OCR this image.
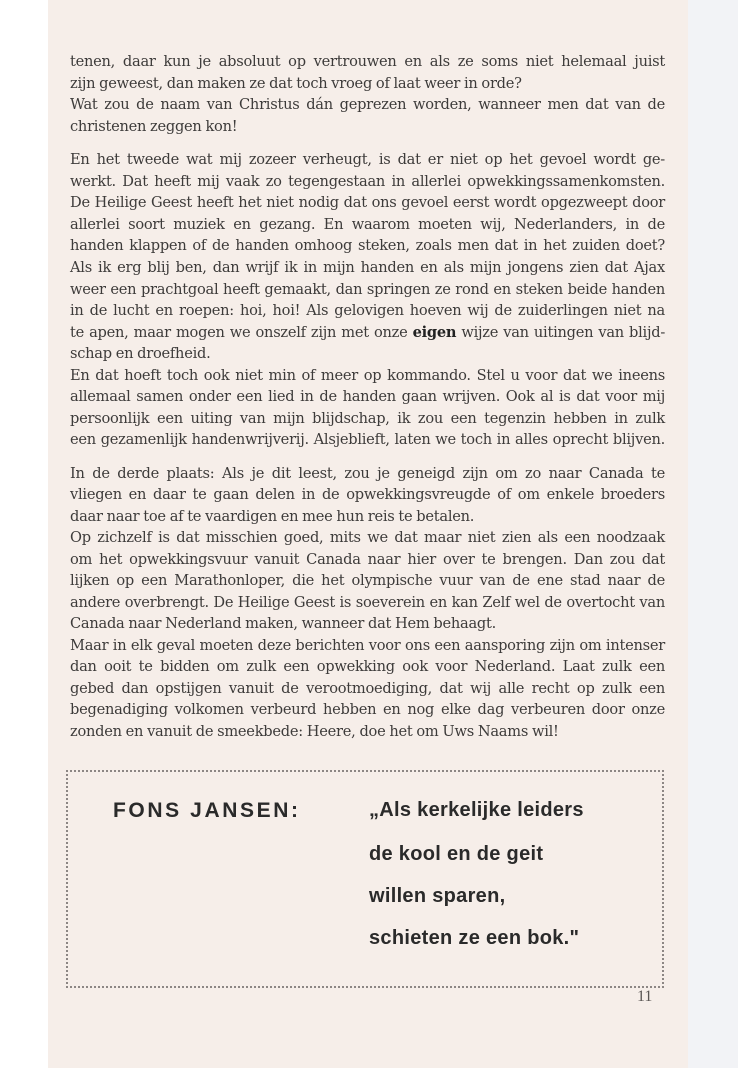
tenen, daar kun je absoluut op vertrouwen en als ze soms niet helemaal juist
zijn geweest, dan maken ze dat toch vroeg of laat weer in orde?
Wat zou de naam van Christus dán geprezen worden, wanneer men dat van de
christenen zeggen kon!
En het tweede wat mij zozeer verheugt, is dat er niet op het gevoel wordt ge-
werkt. Dat heeft mij vaak zo tegengestaan in allerlei opwekkingssamenkomsten.
De Heilige Geest heeft het niet nodig dat ons gevoel eerst wordt opgezweept door
allerlei soort muziek en gezang. En waarom moeten wij, Nederlanders, in de
handen klappen of de handen omhoog steken, zoals men dat in het zuiden doet?
Als ik erg blij ben, dan wrijf ik in mijn handen en als mijn jongens zien dat Ajax
weer een prachtgoal heeft gemaakt, dan springen ze rond en steken beide handen
in de lucht en roepen: hoi, hoi! Als gelovigen hoeven wij de zuiderlingen niet na
te apen, maar mogen we onszelf zijn met onze eigen wijze van uitingen van blijd-
schap en droefheid.
En dat hoeft toch ook niet min of meer op kommando. Stel u voor dat we ineens
allemaal samen onder een lied in de handen gaan wrijven. Ook al is dat voor mij
persoonlijk een uiting van mijn blijdschap, ik zou een tegenzin hebben in zulk
een gezamenlijk handenwrijverij. Alsjeblieft, laten we toch in alles oprecht blijven.
In de derde plaats: Als je dit leest, zou je geneigd zijn om zo naar Canada te
vliegen en daar te gaan delen in de opwekkingsvreugde of om enkele broeders
daar naar toe af te vaardigen en mee hun reis te betalen.
Op zichzelf is dat misschien goed, mits we dat maar niet zien als een noodzaak
om het opwekkingsvuur vanuit Canada naar hier over te brengen. Dan zou dat
lijken op een Marathonloper, die het olympische vuur van de ene stad naar de
andere overbrengt. De Heilige Geest is soeverein en kan Zelf wel de overtocht van
Canada naar Nederland maken, wanneer dat Hem behaagt.
Maar in elk geval moeten deze berichten voor ons een aansporing zijn om intenser
dan ooit te bidden om zulk een opwekking ook voor Nederland. Laat zulk een
gebed dan opstijgen vanuit de verootmoediging, dat wij alle recht op zulk een
begenadiging volkomen verbeurd hebben en nog elke dag verbeuren door onze
zonden en vanuit de smeekbede: Heere, doe het om Uws Naams wil!
FONS JANSEN:	„Als kerkelijke leiders
de kool en de geit
willen sparen,
schieten ze een bok."
11
